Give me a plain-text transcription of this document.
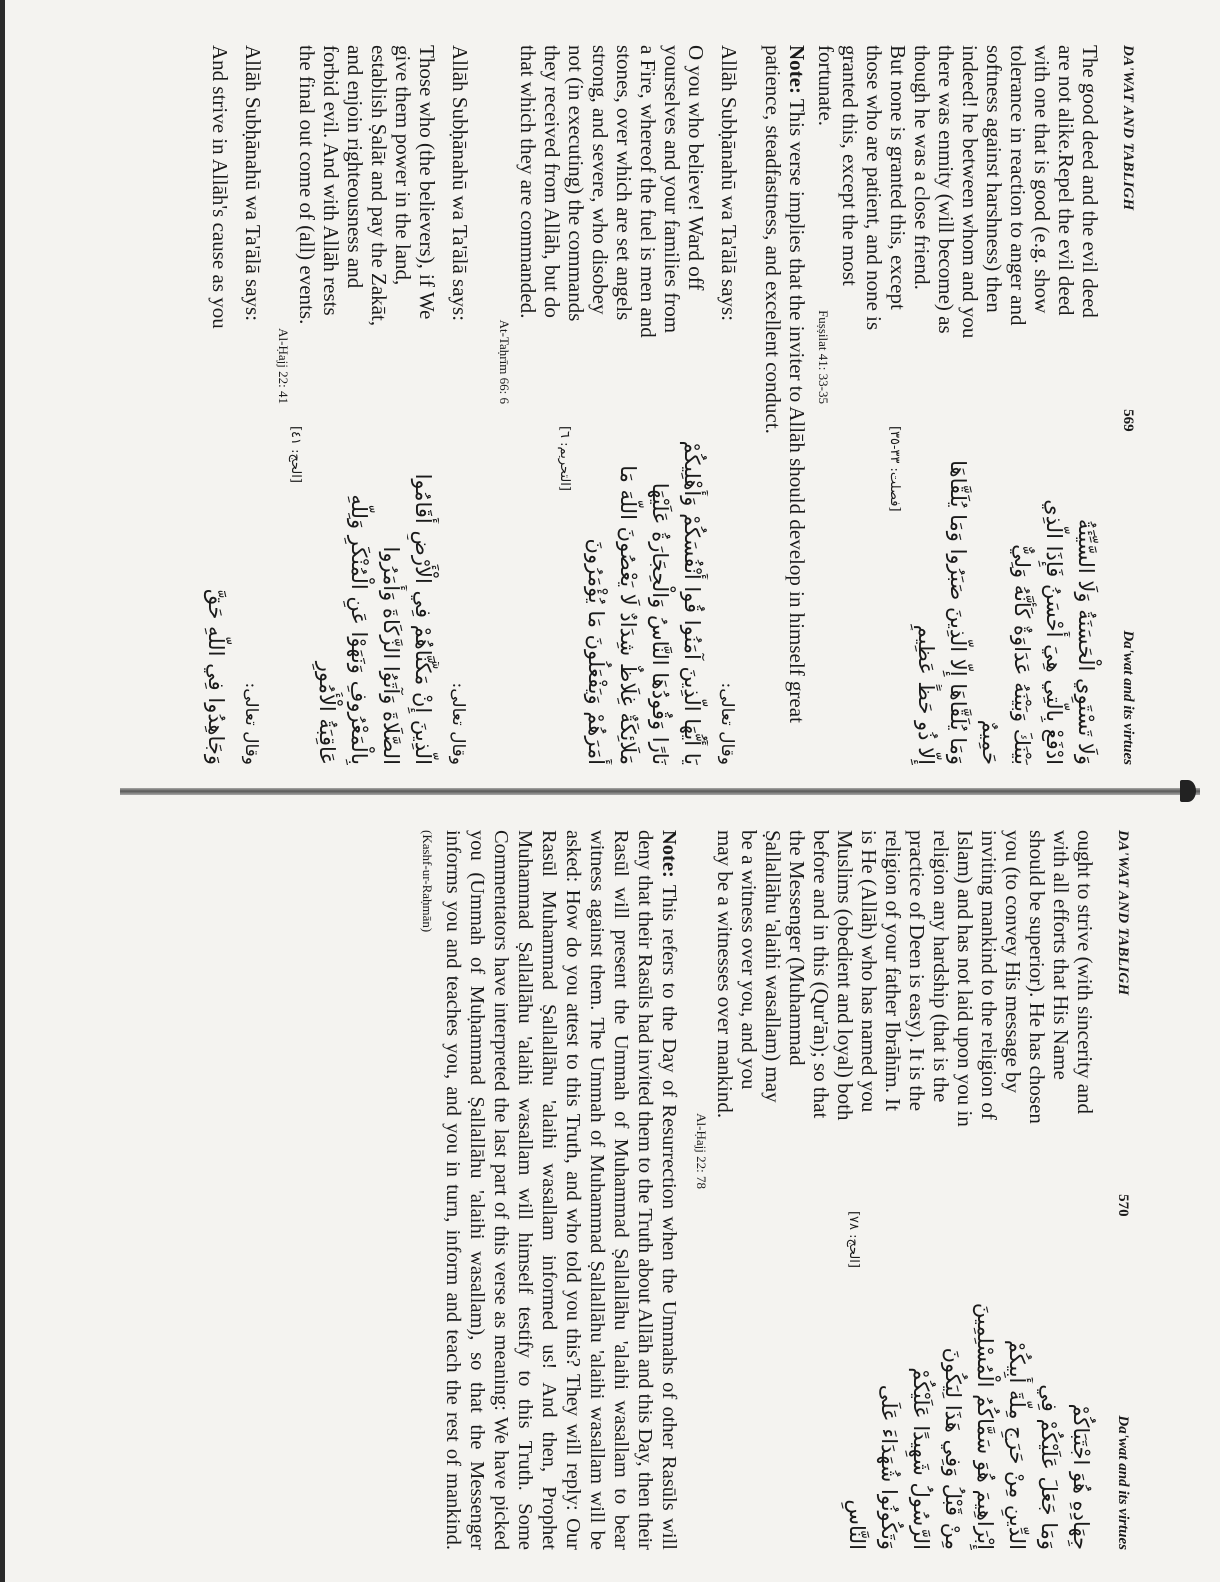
DA'WAT AND TABLIGH
569
Da'wat and its virtues
The good deed and the evil deed
are not alike.Repel the evil deed
with one that is good (e.g. show
tolerance in reaction to anger and
softness against harshness) then
indeed! he between whom and you
there was enmity (will become) as
though he was a close friend.
But none is granted this, except
those who are patient, and none is
granted this, except the most
fortunate.
Fuṣṣilat 41: 33-35
وَلَا تَسْتَوِي الْحَسَنَةُ وَلَا السَّيِّئَةُ
ادْفَعْ بِالَّتِي هِيَ أَحْسَنُ فَإِذَا الَّذِي
بَيْنَكَ وَبَيْنَهُ عَدَاوَةٌ كَأَنَّهُ وَلِيٌّ
حَمِيمٌ
وَمَا يُلَقَّاهَا إِلَّا الَّذِينَ صَبَرُوا وَمَا يُلَقَّاهَا
إِلَّا ذُو حَظٍّ عَظِيمٍ
[فصلت: ٣٣-٣٥]
Note: This verse implies that the inviter to Allāh should develop in himself great patience, steadfastness, and excellent conduct.
Allāh Subḥānahū wa Ta'ālā says:
وقال تعالى:
O you who believe! Ward off
yourselves and your families from
a Fire, whereof the fuel is men and
stones, over which are set angels
strong, and severe, who disobey
not (in executing) the commands
they received from Allāh, but do
that which they are commanded.
At-Taḥrīm 66: 6
يَا أَيُّهَا الَّذِينَ آمَنُوا قُوا أَنْفُسَكُمْ وَأَهْلِيكُمْ
نَارًا وَقُودُهَا النَّاسُ وَالْحِجَارَةُ عَلَيْهَا
مَلَائِكَةٌ غِلَاظٌ شِدَادٌ لَا يَعْصُونَ اللَّهَ مَا
أَمَرَهُمْ وَيَفْعَلُونَ مَا يُؤْمَرُونَ
[التحريم: ٦]
Allāh Subḥānahū wa Ta'ālā says:
وقال تعالى:
Those who (the believers), if We
give them power in the land,
establish Ṣalāt and pay the Zakāt,
and enjoin righteousness and
forbid evil. And with Allāh rests
the final out come of (all) events.
Al-Ḥajj 22: 41
الَّذِينَ إِنْ مَكَّنَّاهُمْ فِي الْأَرْضِ أَقَامُوا
الصَّلَاةَ وَآتَوُا الزَّكَاةَ وَأَمَرُوا
بِالْمَعْرُوفِ وَنَهَوْا عَنِ الْمُنْكَرِ وَلِلَّهِ
عَاقِبَةُ الْأُمُورِ
[الحج: ٤١]
Allāh Subḥānahū wa Ta'ālā says:
وقال تعالى:
And strive in Allāh's cause as you
وَجَاهِدُوا فِي اللَّهِ حَقَّ
DA'WAT AND TABLIGH
570
Da'wat and its virtues
ought to strive (with sincerity and
with all efforts that His Name
should be superior). He has chosen
you (to convey His message by
inviting mankind to the religion of
Islam) and has not laid upon you in
religion any hardship (that is the
practice of Deen is easy). It is the
religion of your father Ibrāhīm. It
is He (Allāh) who has named you
Muslims (obedient and loyal) both
before and in this (Qur'ān); so that
the Messenger (Muhammad
Ṣallallāhu 'alaihi wasallam) may
be a witness over you, and you
may be a witnesses over mankind.
Al-Ḥajj 22: 78
جِهَادِهِ هُوَ اجْتَبَاكُمْ
وَمَا جَعَلَ عَلَيْكُمْ فِي
الدِّينِ مِنْ حَرَجٍ مِلَّةَ أَبِيكُمْ
إِبْرَاهِيمَ هُوَ سَمَّاكُمُ الْمُسْلِمِينَ
مِنْ قَبْلُ وَفِي هَذَا لِيَكُونَ
الرَّسُولُ شَهِيدًا عَلَيْكُمْ
وَتَكُونُوا شُهَدَاءَ عَلَى
النَّاسِ
[الحج: ٧٨]
Note: This refers to the Day of Resurrection when the Ummahs of other Rasūls will deny that their Rasūls had invited them to the Truth about Allāh and this Day, then their Rasūl will present the Ummah of Muhammad Ṣallallāhu 'alaihi wasallam to bear witness against them. The Ummah of Muhammad Ṣallallāhu 'alaihi wasallam will be asked: How do you attest to this Truth, and who told you this? They will reply: Our Rasūl Muhammad Ṣallallāhu 'alaihi wasallam informed us! And then, Prophet Muhammad Ṣallallāhu 'alaihi wasallam will himself testify to this Truth. Some Commentators have interpreted the last part of this verse as meaning: We have picked you (Ummah of Muḥammad Ṣallallāhu 'alaihi wasallam), so that the Messenger informs you and teaches you, and you in turn, inform and teach the rest of mankind. (Kashf-ur-Raḥmān)
